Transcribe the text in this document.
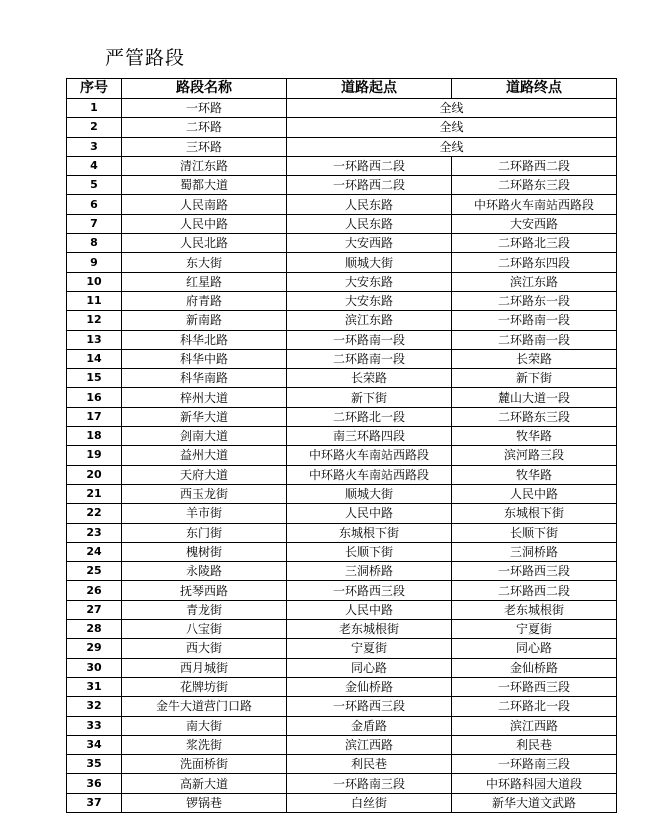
严管路段
序号	路段名称	道路起点	道路终点
1	一环路	全线	
2	二环路	全线	
3	三环路	全线	
4	清江东路	一环路西二段	二环路西二段
5	蜀都大道	一环路西二段	二环路东三段
6	人民南路	人民东路	中环路火车南站西路段
7	人民中路	人民东路	大安西路
8	人民北路	大安西路	二环路北三段
9	东大街	顺城大街	二环路东四段
10	红星路	大安东路	滨江东路
11	府青路	大安东路	二环路东一段
12	新南路	滨江东路	一环路南一段
13	科华北路	一环路南一段	二环路南一段
14	科华中路	二环路南一段	长荣路
15	科华南路	长荣路	新下街
16	梓州大道	新下街	麓山大道一段
17	新华大道	二环路北一段	二环路东三段
18	剑南大道	南三环路四段	牧华路
19	益州大道	中环路火车南站西路段	滨河路三段
20	天府大道	中环路火车南站西路段	牧华路
21	西玉龙街	顺城大街	人民中路
22	羊市街	人民中路	东城根下街
23	东门街	东城根下街	长顺下街
24	槐树街	长顺下街	三洞桥路
25	永陵路	三洞桥路	一环路西三段
26	抚琴西路	一环路西三段	二环路西二段
27	青龙街	人民中路	老东城根街
28	八宝街	老东城根街	宁夏街
29	西大街	宁夏街	同心路
30	西月城街	同心路	金仙桥路
31	花牌坊街	金仙桥路	一环路西三段
32	金牛大道营门口路	一环路西三段	二环路北一段
33	南大街	金盾路	滨江西路
34	浆洗街	滨江西路	利民巷
35	洗面桥街	利民巷	一环路南三段
36	高新大道	一环路南三段	中环路科园大道段
37	锣锅巷	白丝街	新华大道文武路
